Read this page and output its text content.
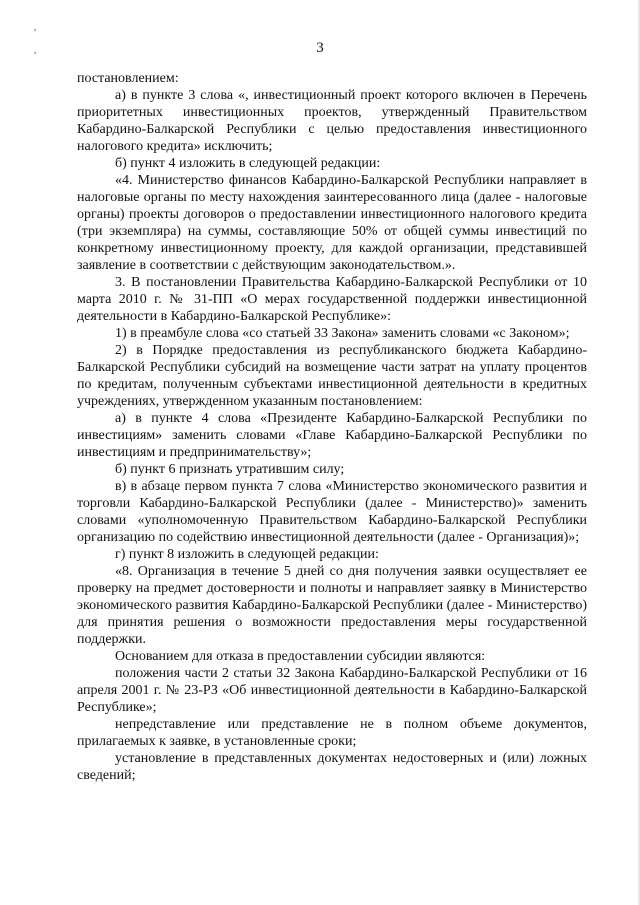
,
,	3

постановлением:

а) в пункте 3 слова «, инвестиционный проект которого включен в Перечень приоритетных инвестиционных проектов, утвержденный Правительством Кабардино-Балкарской Республики с целью предоставления инвестиционного налогового кредита» исключить;

б) пункт 4 изложить в следующей редакции:

«4. Министерство финансов Кабардино-Балкарской Республики направляет в налоговые органы по месту нахождения заинтересованного лица (далее - налоговые органы) проекты договоров о предоставлении инвестиционного налогового кредита (три экземпляра) на суммы, составляющие 50% от общей суммы инвестиций по конкретному инвестиционному проекту, для каждой организации, представившей заявление в соответствии с действующим законодательством.».

3. В постановлении Правительства Кабардино-Балкарской Республики от 10 марта 2010 г. № 31-ПП «О мерах государственной поддержки инвестиционной деятельности в Кабардино-Балкарской Республике»:

1) в преамбуле слова «со статьей 33 Закона» заменить словами «с Законом»;

2) в Порядке предоставления из республиканского бюджета Кабардино-Балкарской Республики субсидий на возмещение части затрат на уплату процентов по кредитам, полученным субъектами инвестиционной деятельности в кредитных учреждениях, утвержденном указанным постановлением:

а) в пункте 4 слова «Президенте Кабардино-Балкарской Республики по инвестициям» заменить словами «Главе Кабардино-Балкарской Республики по инвестициям и предпринимательству»;

б) пункт 6 признать утратившим силу;

в) в абзаце первом пункта 7 слова «Министерство экономического развития и торговли Кабардино-Балкарской Республики (далее - Министерство)» заменить словами «уполномоченную Правительством Кабардино-Балкарской Республики организацию по содействию инвестиционной деятельности (далее - Организация)»;

г) пункт 8 изложить в следующей редакции:

«8. Организация в течение 5 дней со дня получения заявки осуществляет ее проверку на предмет достоверности и полноты и направляет заявку в Министерство экономического развития Кабардино-Балкарской Республики (далее - Министерство) для принятия решения о возможности предоставления меры государственной поддержки.

Основанием для отказа в предоставлении субсидии являются:

положения части 2 статьи 32 Закона Кабардино-Балкарской Республики от 16 апреля 2001 г. № 23-РЗ «Об инвестиционной деятельности в Кабардино-Балкарской Республике»;

непредставление или представление не в полном объеме документов, прилагаемых к заявке, в установленные сроки;

установление в представленных документах недостоверных и (или) ложных сведений;
